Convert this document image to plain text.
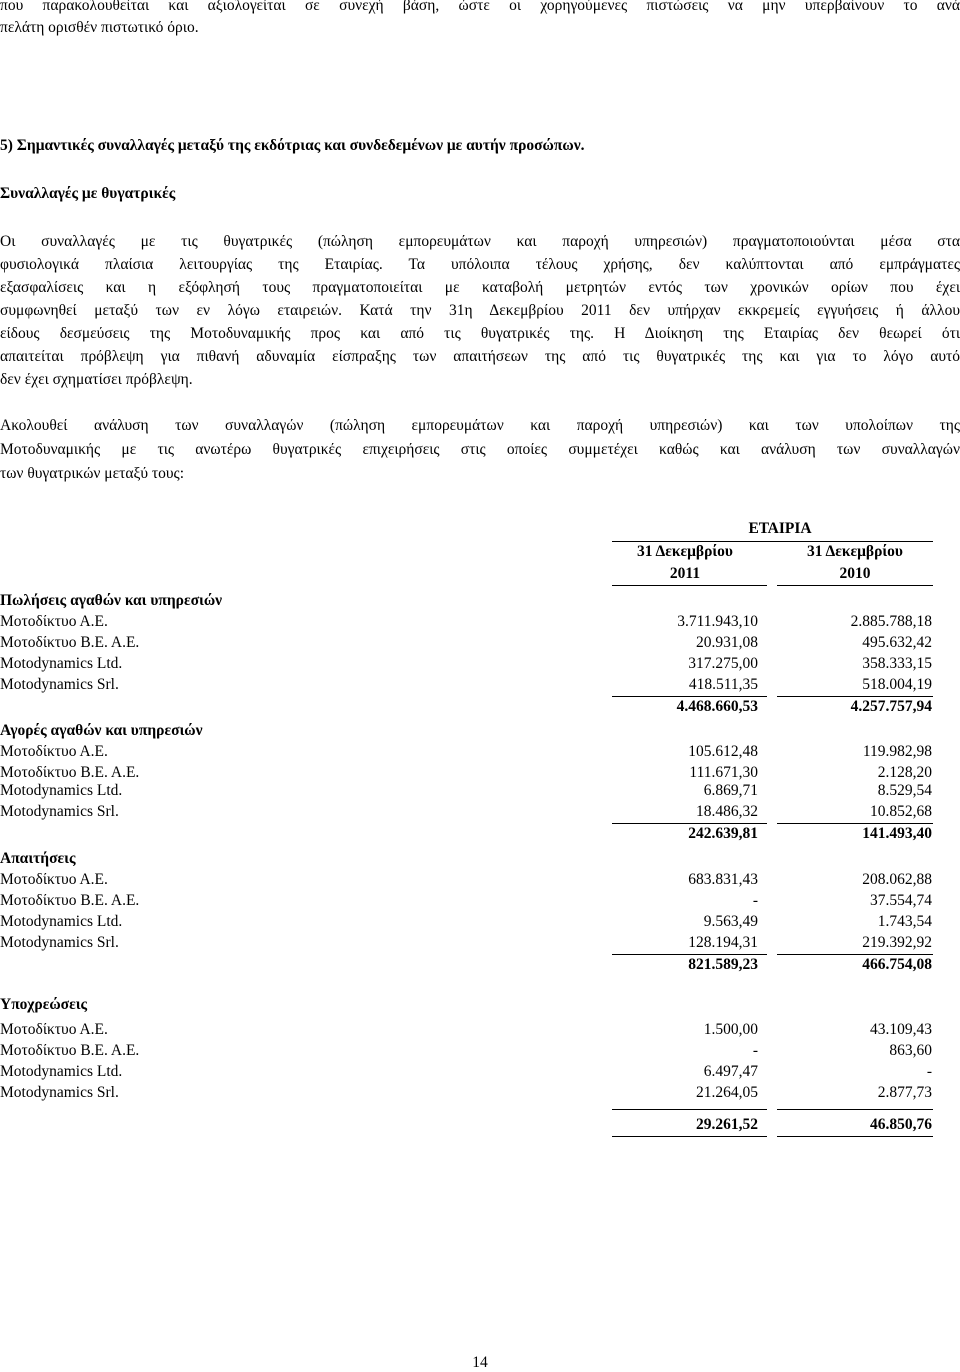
που παρακολουθείται και αξιολογείται σε συνεχή βάση, ώστε οι χορηγούμενες πιστώσεις να μην υπερβαίνουν το ανά
πελάτη ορισθέν πιστωτικό όριο.
5) Σημαντικές συναλλαγές μεταξύ της εκδότριας και συνδεδεμένων με αυτήν προσώπων.
Συναλλαγές με θυγατρικές
Οι συναλλαγές με τις θυγατρικές (πώληση εμπορευμάτων και παροχή υπηρεσιών) πραγματοποιούνται μέσα στα
φυσιολογικά πλαίσια λειτουργίας της Εταιρίας. Τα υπόλοιπα τέλους χρήσης, δεν καλύπτονται από εμπράγματες
εξασφαλίσεις και η εξόφλησή τους πραγματοποιείται με καταβολή μετρητών εντός των χρονικών ορίων που έχει
συμφωνηθεί μεταξύ των εν λόγω εταιρειών. Κατά την 31η Δεκεμβρίου 2011 δεν υπήρχαν εκκρεμείς εγγυήσεις ή άλλου
είδους δεσμεύσεις της Μοτοδυναμικής προς και από τις θυγατρικές της. Η Διοίκηση της Εταιρίας δεν θεωρεί ότι
απαιτείται πρόβλεψη για πιθανή αδυναμία είσπραξης των απαιτήσεων της από τις θυγατρικές της και για το λόγο αυτό
δεν έχει σχηματίσει πρόβλεψη.
Ακολουθεί ανάλυση των συναλλαγών (πώληση εμπορευμάτων και παροχή υπηρεσιών) και των υπολοίπων της
Μοτοδυναμικής με τις ανωτέρω θυγατρικές επιχειρήσεις στις οποίες συμμετέχει καθώς και ανάλυση των συναλλαγών
των θυγατρικών μεταξύ τους:
ΕΤΑΙΡΙΑ
31 Δεκεμβρίου
2011
31 Δεκεμβρίου
2010
Πωλήσεις αγαθών και υπηρεσιών
Μοτοδίκτυο Α.Ε.	3.711.943,10	2.885.788,18
Μοτοδίκτυο Β.Ε. Α.Ε.	20.931,08	495.632,42
Motodynamics Ltd.	317.275,00	358.333,15
Motodynamics Srl.	418.511,35	518.004,19
4.468.660,53	4.257.757,94
Αγορές αγαθών και υπηρεσιών
Μοτοδίκτυο Α.Ε.	105.612,48	119.982,98
Μοτοδίκτυο Β.Ε. Α.Ε.	111.671,30	2.128,20
Motodynamics Ltd.	6.869,71	8.529,54
Motodynamics Srl.	18.486,32	10.852,68
242.639,81	141.493,40
Απαιτήσεις
Μοτοδίκτυο Α.Ε.	683.831,43	208.062,88
Μοτοδίκτυο Β.Ε. Α.Ε.	-	37.554,74
Motodynamics Ltd.	9.563,49	1.743,54
Motodynamics Srl.	128.194,31	219.392,92
821.589,23	466.754,08
Υποχρεώσεις
Μοτοδίκτυο Α.Ε.	1.500,00	43.109,43
Μοτοδίκτυο Β.Ε. Α.Ε.	-	863,60
Motodynamics Ltd.	6.497,47	-
Motodynamics Srl.	21.264,05	2.877,73
29.261,52	46.850,76
14
